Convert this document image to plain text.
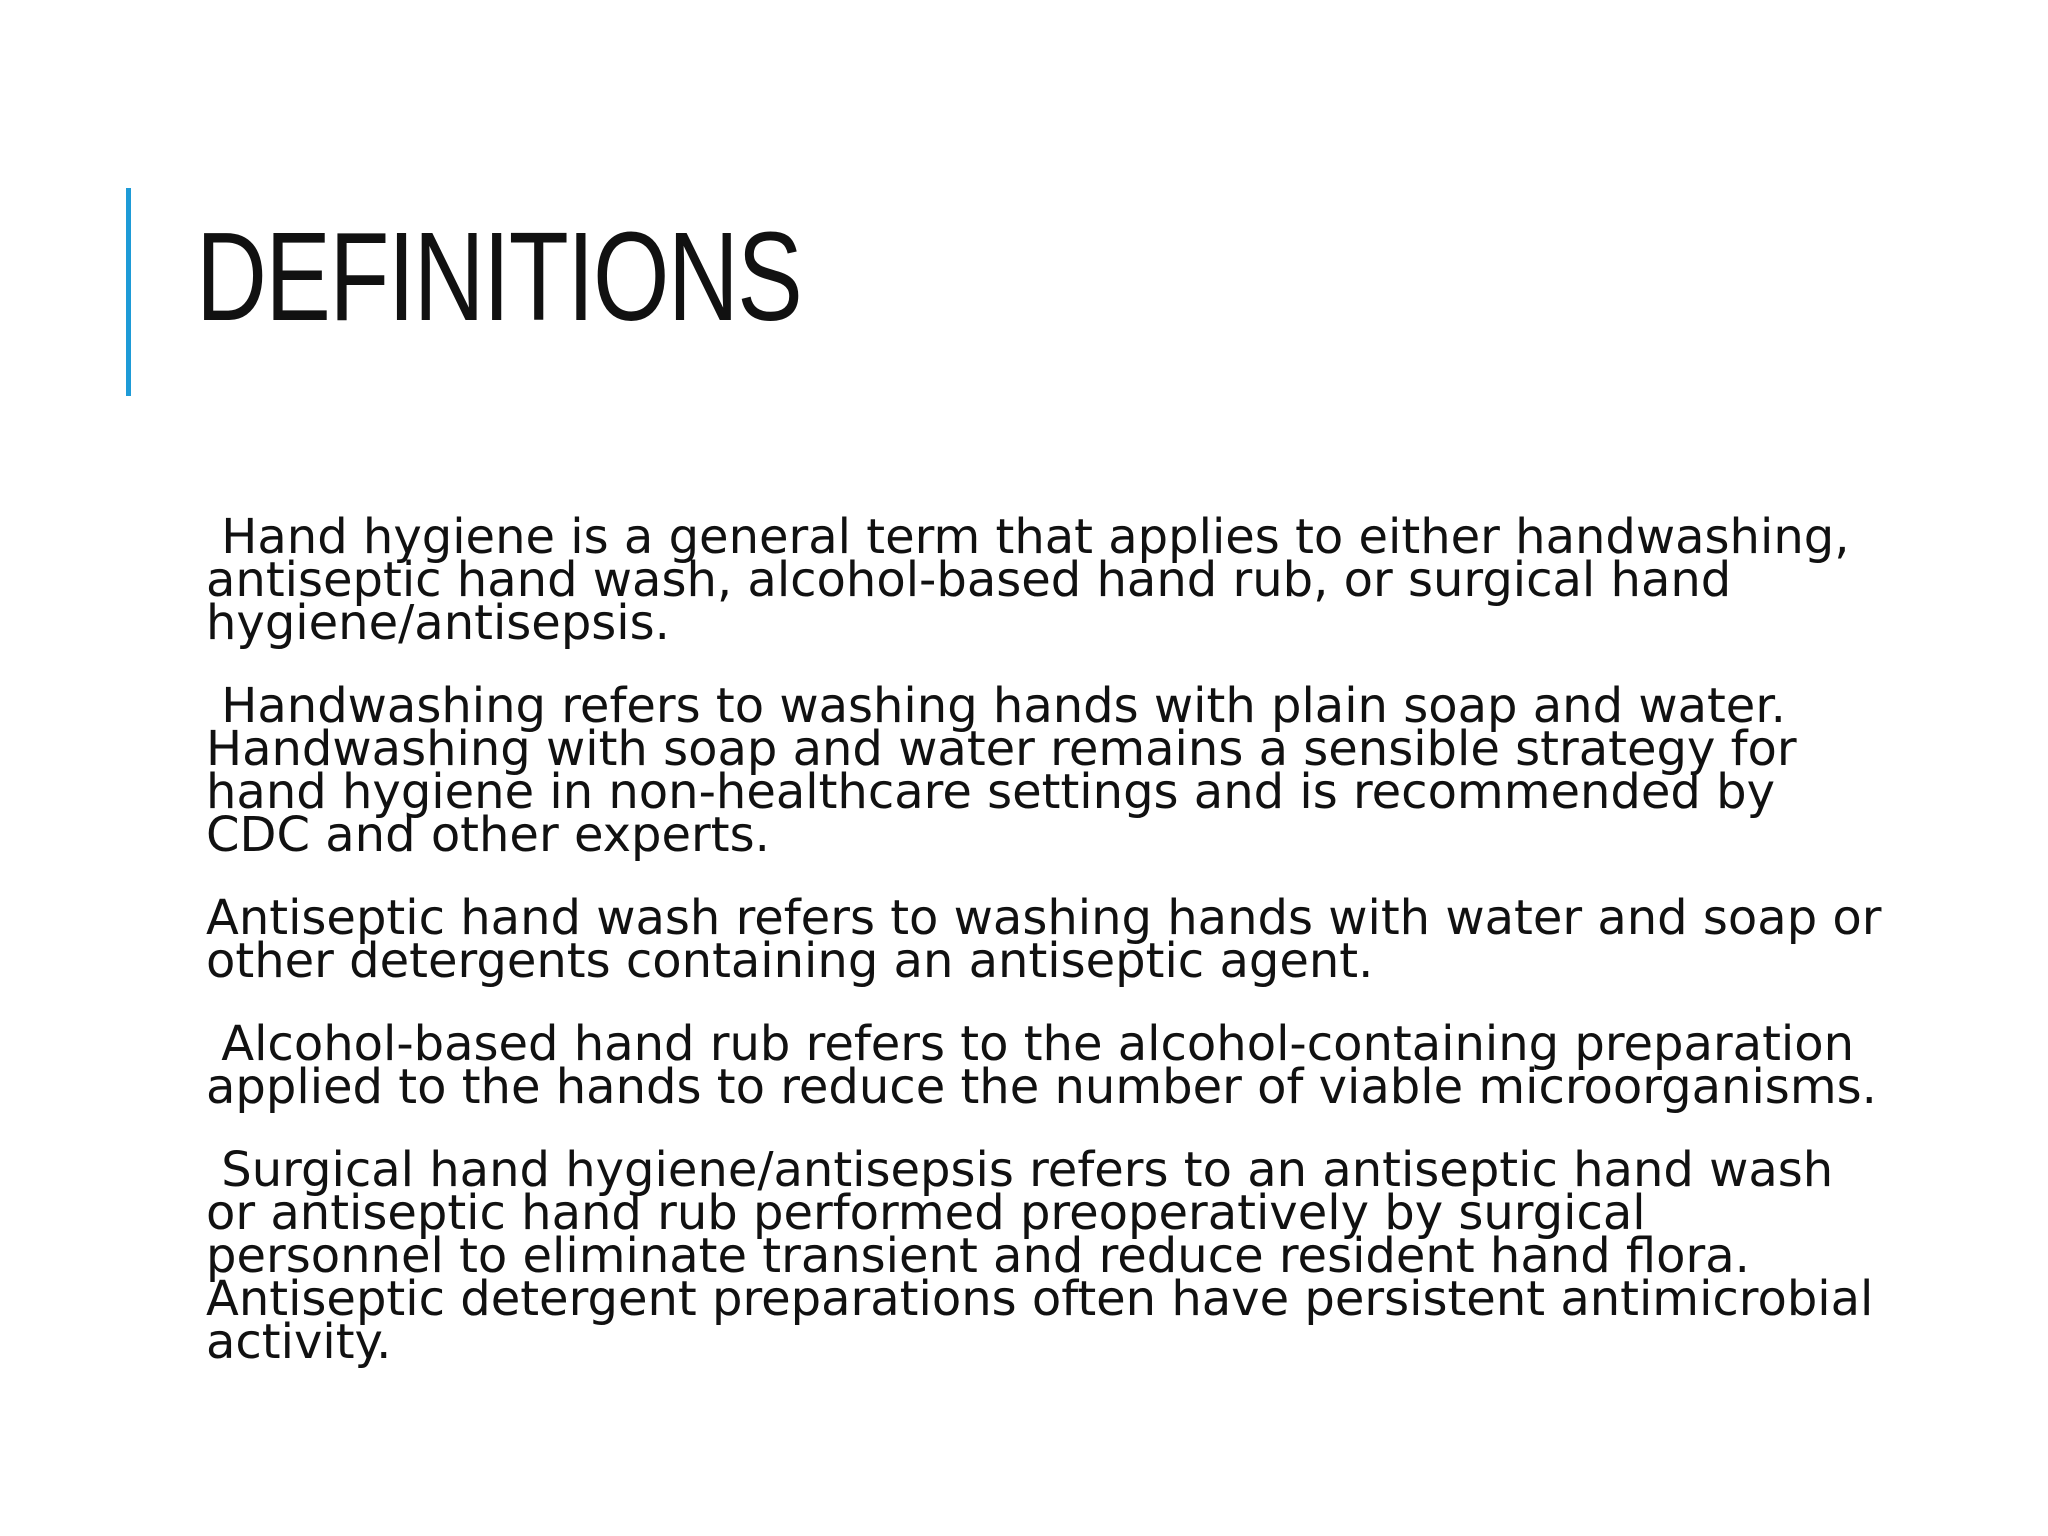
DEFINITIONS

Hand hygiene is a general term that applies to either handwashing, antiseptic hand wash, alcohol-based hand rub, or surgical hand hygiene/antisepsis.

Handwashing refers to washing hands with plain soap and water.  Handwashing with soap and water remains a sensible strategy for hand hygiene in non-healthcare settings and is recommended by CDC and other experts.

Antiseptic hand wash refers to washing hands with water and soap or other detergents containing an antiseptic agent.

Alcohol-based hand rub refers to the alcohol-containing preparation applied to the hands to reduce the number of viable microorganisms.

Surgical hand hygiene/antisepsis refers to an antiseptic hand wash or antiseptic hand rub performed preoperatively by surgical personnel to eliminate transient and reduce resident hand flora. Antiseptic detergent preparations often have persistent antimicrobial activity.
